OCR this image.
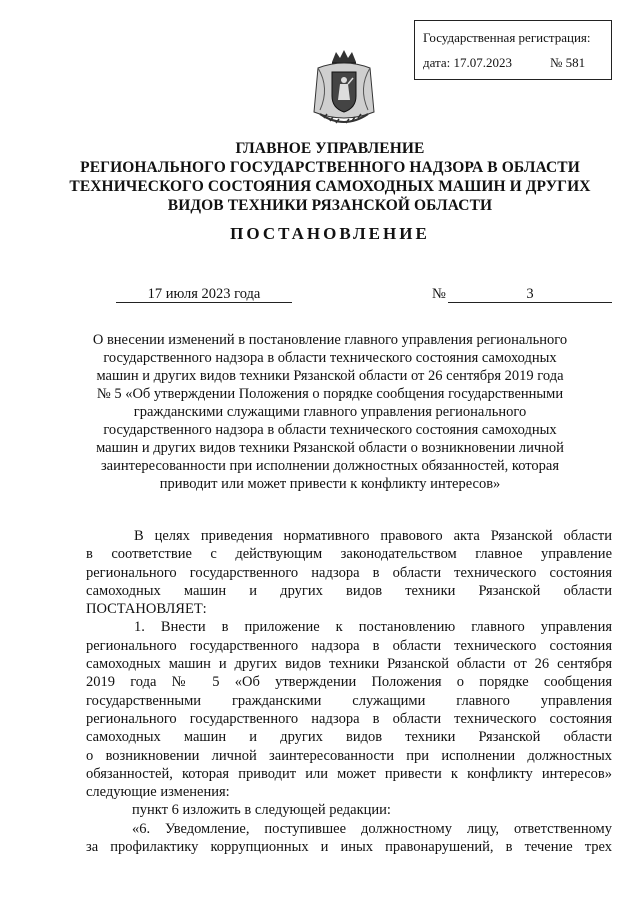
Государственная регистрация:
дата: 17.07.2023	№ 581
ГЛАВНОЕ УПРАВЛЕНИЕ
РЕГИОНАЛЬНОГО ГОСУДАРСТВЕННОГО НАДЗОРА В ОБЛАСТИ
ТЕХНИЧЕСКОГО СОСТОЯНИЯ САМОХОДНЫХ МАШИН И ДРУГИХ
ВИДОВ ТЕХНИКИ РЯЗАНСКОЙ ОБЛАСТИ
ПОСТАНОВЛЕНИЕ
17 июля 2023 года	№	3
О внесении изменений в постановление главного управления регионального
государственного надзора в области технического состояния самоходных
машин и других видов техники Рязанской области от 26 сентября 2019 года
№ 5 «Об утверждении Положения о порядке сообщения государственными
гражданскими служащими главного управления регионального
государственного надзора в области технического состояния самоходных
машин и других видов техники Рязанской области о возникновении личной
заинтересованности при исполнении должностных обязанностей, которая
приводит или может привести к конфликту интересов»
В целях приведения нормативного правового акта Рязанской области
в соответствие с действующим законодательством главное управление
регионального государственного надзора в области технического состояния
самоходных машин и других видов техники Рязанской области
ПОСТАНОВЛЯЕТ:
1. Внести в приложение к постановлению главного управления
регионального государственного надзора в области технического состояния
самоходных машин и других видов техники Рязанской области от 26 сентября
2019 года № 5 «Об утверждении Положения о порядке сообщения
государственными гражданскими служащими главного управления
регионального государственного надзора в области технического состояния
самоходных машин и других видов техники Рязанской области
о возникновении личной заинтересованности при исполнении должностных
обязанностей, которая приводит или может привести к конфликту интересов»
следующие изменения:
пункт 6 изложить в следующей редакции:
«6. Уведомление, поступившее должностному лицу, ответственному
за профилактику коррупционных и иных правонарушений, в течение трех
